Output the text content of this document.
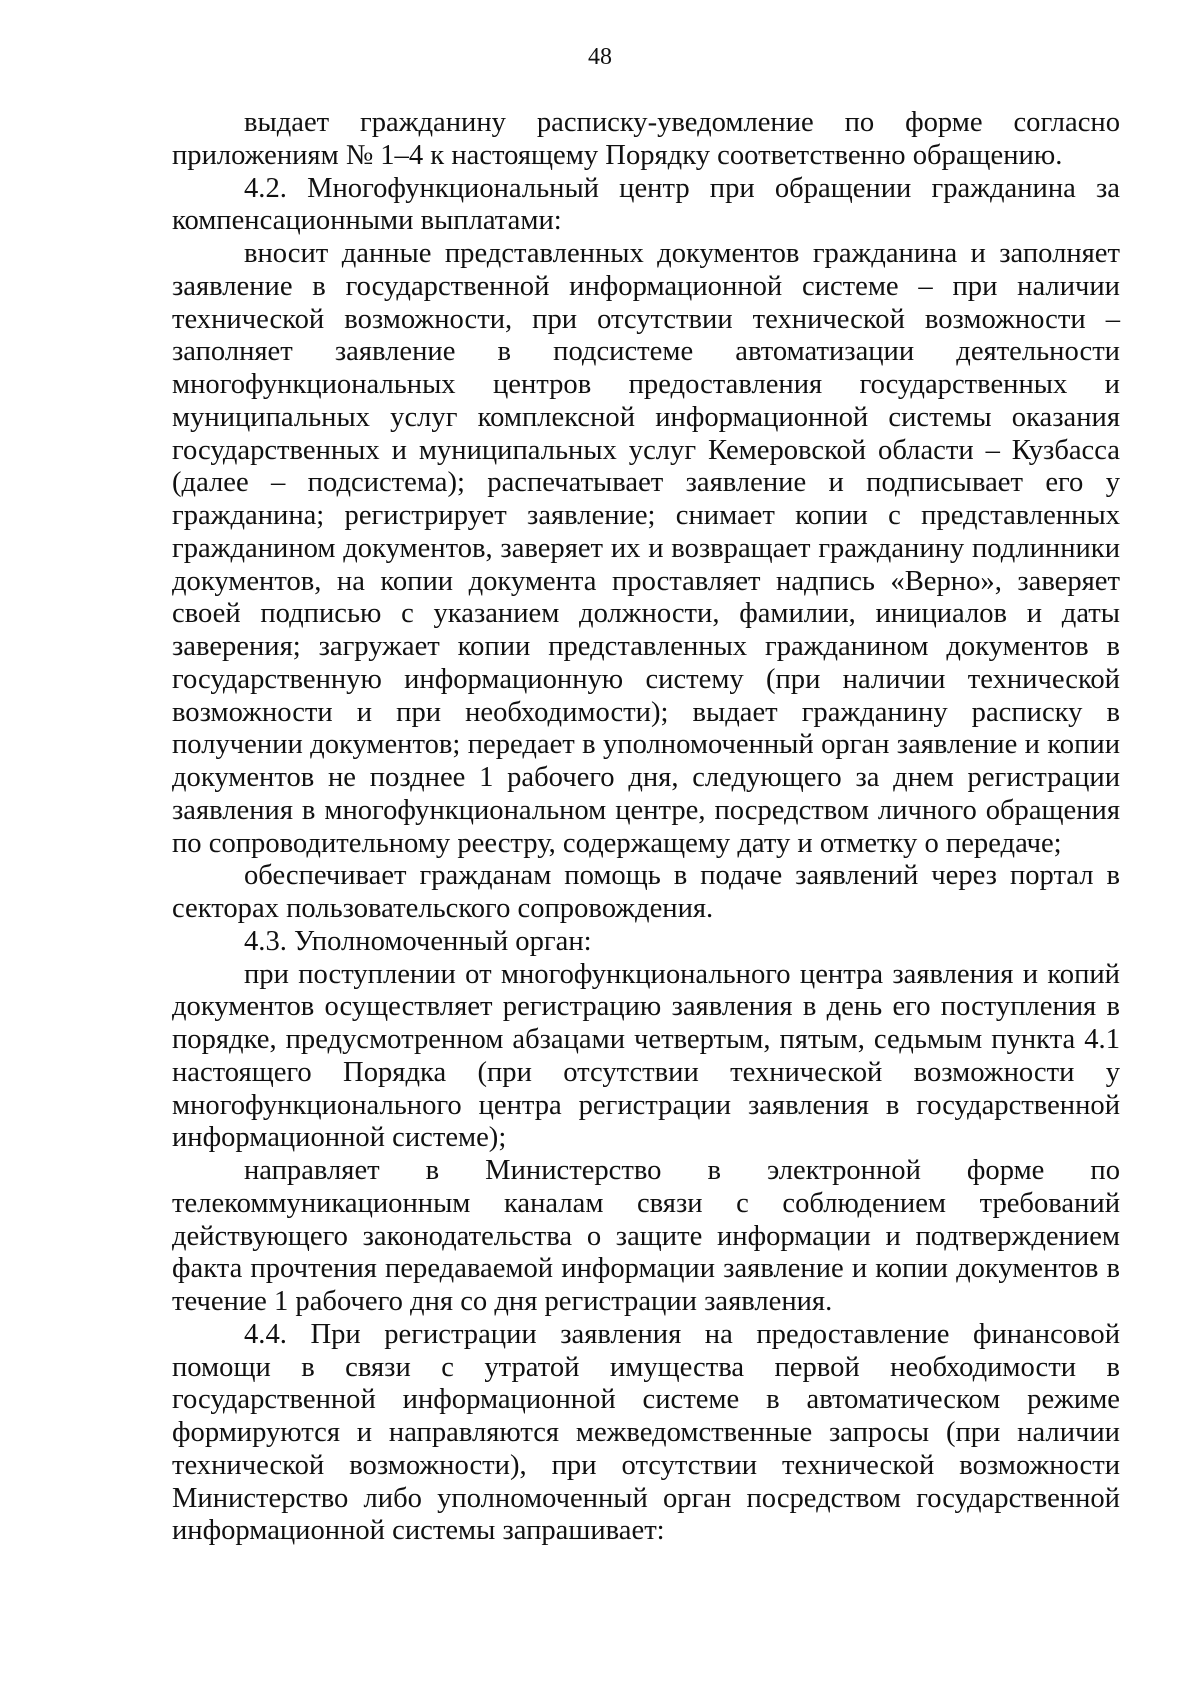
48

выдает гражданину расписку-уведомление по форме согласно приложениям № 1–4 к настоящему Порядку соответственно обращению.

4.2. Многофункциональный центр при обращении гражданина за компенсационными выплатами:

вносит данные представленных документов гражданина и заполняет заявление в государственной информационной системе – при наличии технической возможности, при отсутствии технической возможности – заполняет заявление в подсистеме автоматизации деятельности многофункциональных центров предоставления государственных и муниципальных услуг комплексной информационной системы оказания государственных и муниципальных услуг Кемеровской области – Кузбасса (далее – подсистема); распечатывает заявление и подписывает его у гражданина; регистрирует заявление; снимает копии с представленных гражданином документов, заверяет их и возвращает гражданину подлинники документов, на копии документа проставляет надпись «Верно», заверяет своей подписью с указанием должности, фамилии, инициалов и даты заверения; загружает копии представленных гражданином документов в государственную информационную систему (при наличии технической возможности и при необходимости); выдает гражданину расписку в получении документов; передает в уполномоченный орган заявление и копии документов не позднее 1 рабочего дня, следующего за днем регистрации заявления в многофункциональном центре, посредством личного обращения по сопроводительному реестру, содержащему дату и отметку о передаче;

обеспечивает гражданам помощь в подаче заявлений через портал в секторах пользовательского сопровождения.

4.3. Уполномоченный орган:

при поступлении от многофункционального центра заявления и копий документов осуществляет регистрацию заявления в день его поступления в порядке, предусмотренном абзацами четвертым, пятым, седьмым пункта 4.1 настоящего Порядка (при отсутствии технической возможности у многофункционального центра регистрации заявления в государственной информационной системе);

направляет в Министерство в электронной форме по телекоммуникационным каналам связи с соблюдением требований действующего законодательства о защите информации и подтверждением факта прочтения передаваемой информации заявление и копии документов в течение 1 рабочего дня со дня регистрации заявления.

4.4. При регистрации заявления на предоставление финансовой помощи в связи с утратой имущества первой необходимости в государственной информационной системе в автоматическом режиме формируются и направляются межведомственные запросы (при наличии технической возможности), при отсутствии технической возможности Министерство либо уполномоченный орган посредством государственной информационной системы запрашивает:
